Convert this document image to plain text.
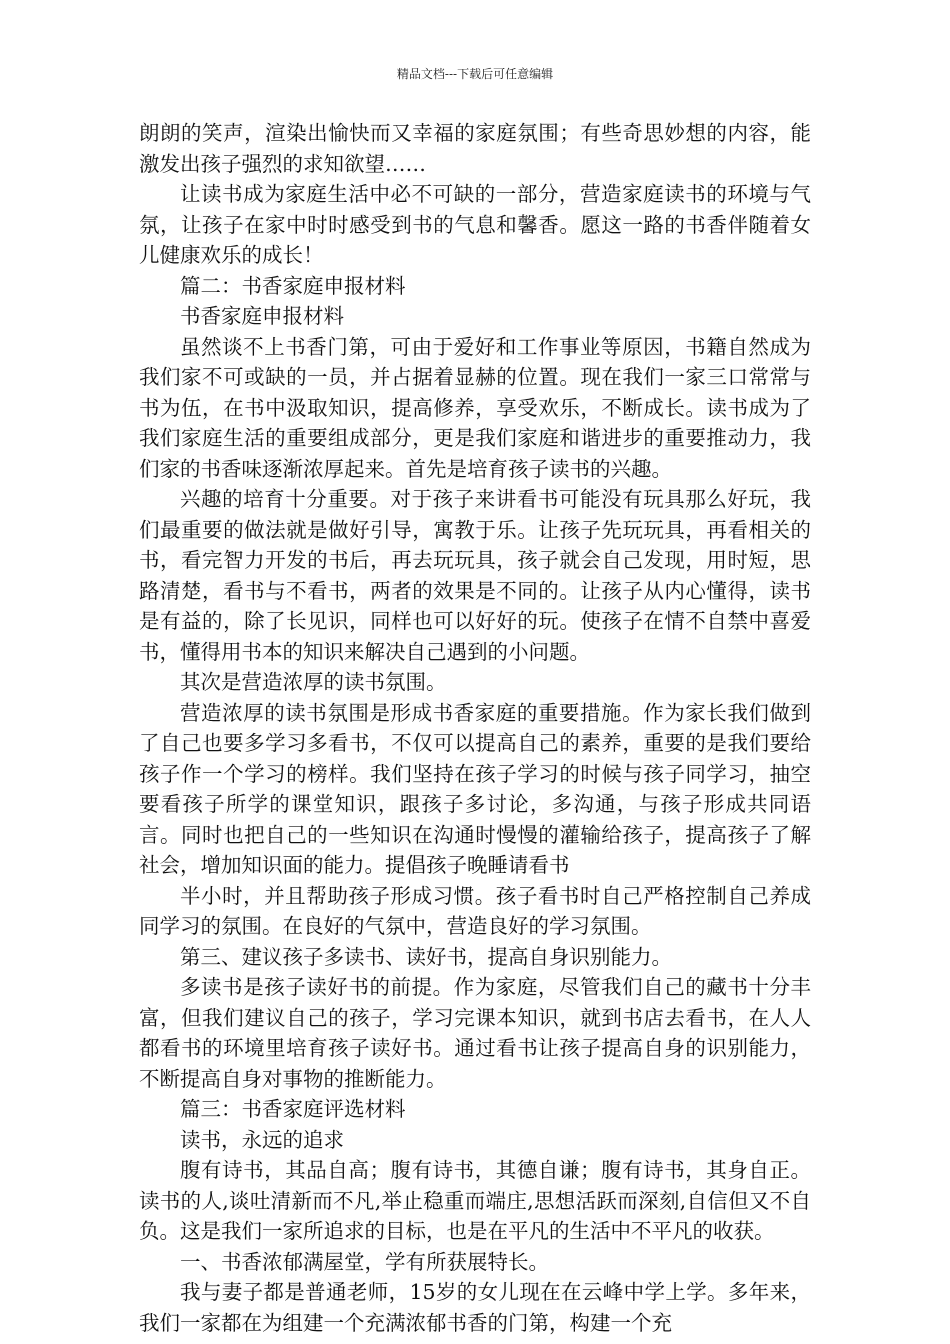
精品文档---下载后可任意编辑

朗朗的笑声，渲染出愉快而又幸福的家庭氛围；有些奇思妙想的内容，能激发出孩子强烈的求知欲望……

让读书成为家庭生活中必不可缺的一部分，营造家庭读书的环境与气氛，让孩子在家中时时感受到书的气息和馨香。愿这一路的书香伴随着女儿健康欢乐的成长！

篇二：书香家庭申报材料

书香家庭申报材料

虽然谈不上书香门第，可由于爱好和工作事业等原因，书籍自然成为我们家不可或缺的一员，并占据着显赫的位置。现在我们一家三口常常与书为伍，在书中汲取知识，提高修养，享受欢乐，不断成长。读书成为了我们家庭生活的重要组成部分，更是我们家庭和谐进步的重要推动力，我们家的书香味逐渐浓厚起来。首先是培育孩子读书的兴趣。

兴趣的培育十分重要。对于孩子来讲看书可能没有玩具那么好玩，我们最重要的做法就是做好引导，寓教于乐。让孩子先玩玩具，再看相关的书，看完智力开发的书后，再去玩玩具，孩子就会自己发现，用时短，思路清楚，看书与不看书，两者的效果是不同的。让孩子从内心懂得，读书是有益的，除了长见识，同样也可以好好的玩。使孩子在情不自禁中喜爱书，懂得用书本的知识来解决自己遇到的小问题。

其次是营造浓厚的读书氛围。

营造浓厚的读书氛围是形成书香家庭的重要措施。作为家长我们做到了自己也要多学习多看书，不仅可以提高自己的素养，重要的是我们要给孩子作一个学习的榜样。我们坚持在孩子学习的时候与孩子同学习，抽空要看孩子所学的课堂知识，跟孩子多讨论，多沟通，与孩子形成共同语言。同时也把自己的一些知识在沟通时慢慢的灌输给孩子，提高孩子了解社会，增加知识面的能力。提倡孩子晚睡请看书

半小时，并且帮助孩子形成习惯。孩子看书时自己严格控制自己养成同学习的氛围。在良好的气氛中，营造良好的学习氛围。

第三、建议孩子多读书、读好书，提高自身识别能力。

多读书是孩子读好书的前提。作为家庭，尽管我们自己的藏书十分丰富，但我们建议自己的孩子，学习完课本知识，就到书店去看书，在人人都看书的环境里培育孩子读好书。通过看书让孩子提高自身的识别能力，不断提高自身对事物的推断能力。

篇三：书香家庭评选材料

读书，永远的追求

腹有诗书，其品自高；腹有诗书，其德自谦；腹有诗书，其身自正。读书的人,谈吐清新而不凡,举止稳重而端庄,思想活跃而深刻,自信但又不自负。这是我们一家所追求的目标，也是在平凡的生活中不平凡的收获。

一、书香浓郁满屋堂，学有所获展特长。

我与妻子都是普通老师，15岁的女儿现在在云峰中学上学。多年来，我们一家都在为组建一个充满浓郁书香的门第，构建一个充
